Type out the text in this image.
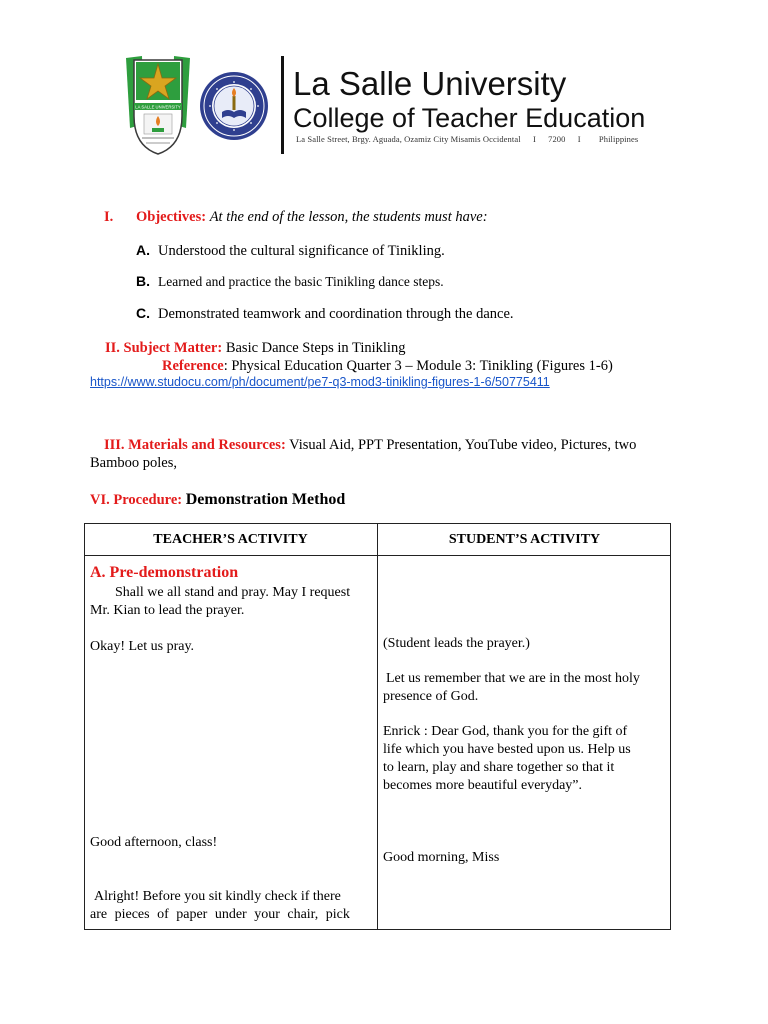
LA SALLE UNIVERSITY
La Salle University
College of Teacher Education
La Salle Street, Brgy. Aguada, Ozamiz City Misamis Occidental I 7200 I Philippines
I. Objectives: At the end of the lesson, the students must have:
A. Understood the cultural significance of Tinikling.
B. Learned and practice the basic Tinikling dance steps.
C. Demonstrated teamwork and coordination through the dance.
II. Subject Matter: Basic Dance Steps in Tinikling
Reference: Physical Education Quarter 3 – Module 3: Tinikling (Figures 1-6)
https://www.studocu.com/ph/document/pe7-q3-mod3-tinikling-figures-1-6/50775411
III. Materials and Resources: Visual Aid, PPT Presentation, YouTube video, Pictures, two
Bamboo poles,
VI. Procedure: Demonstration Method
TEACHER’S ACTIVITY	STUDENT’S ACTIVITY
A. Pre-demonstration
Shall we all stand and pray. May I request
Mr. Kian to lead the prayer.
Okay! Let us pray.
Good afternoon, class!
Alright! Before you sit kindly check if there
are pieces of paper under your chair, pick
(Student leads the prayer.)
Let us remember that we are in the most holy
presence of God.
Enrick : Dear God, thank you for the gift of
life which you have bested upon us. Help us
to learn, play and share together so that it
becomes more beautiful everyday”.
Good morning, Miss
